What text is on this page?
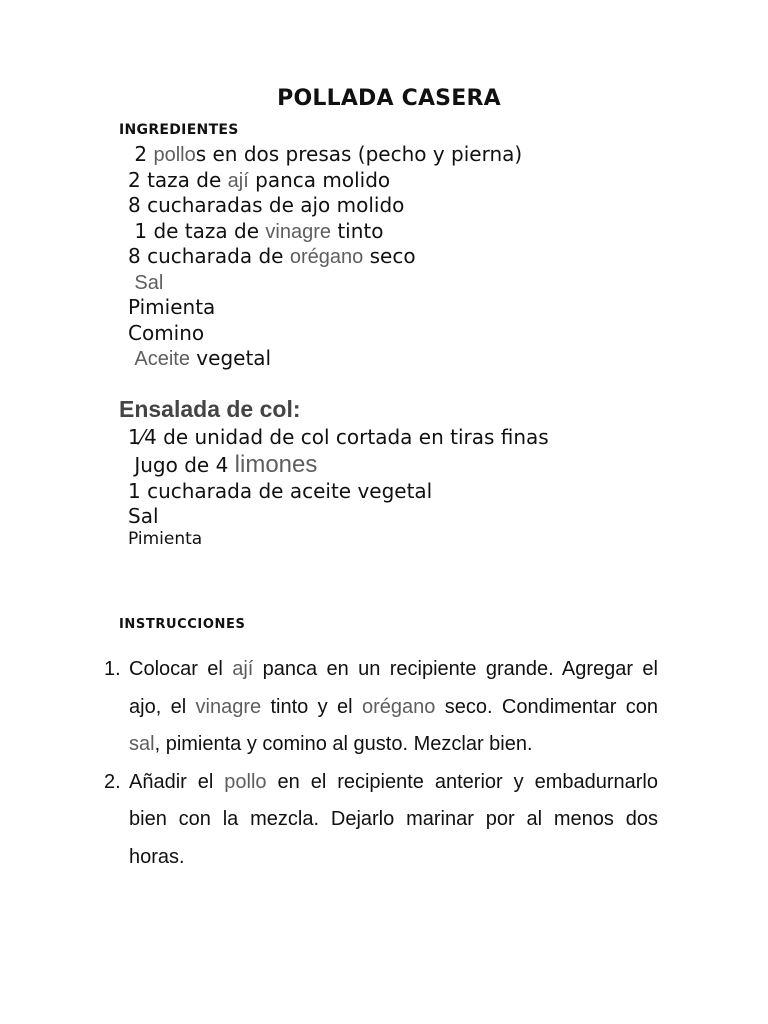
POLLADA CASERA
INGREDIENTES
2 pollo s en dos presas (pecho y pierna)
2 taza de ají panca molido
8 cucharadas de ajo molido
1 de taza de vinagre tinto
8 cucharada de orégano seco

Sal
Pimienta
Comino

Aceite vegetal
Ensalada de col:
1⁄4 de unidad de col cortada en tiras finas
Jugo de 4 limones
1 cucharada de aceite vegetal
Sal
Pimienta
INSTRUCCIONES
1. Colocar el ají panca en un recipiente grande. Agregar el ajo, el vinagre tinto y el orégano seco. Condimentar con sal, pimienta y comino al gusto. Mezclar bien.
2. Añadir el pollo en el recipiente anterior y embadurnarlo bien con la mezcla. Dejarlo marinar por al menos dos horas.
